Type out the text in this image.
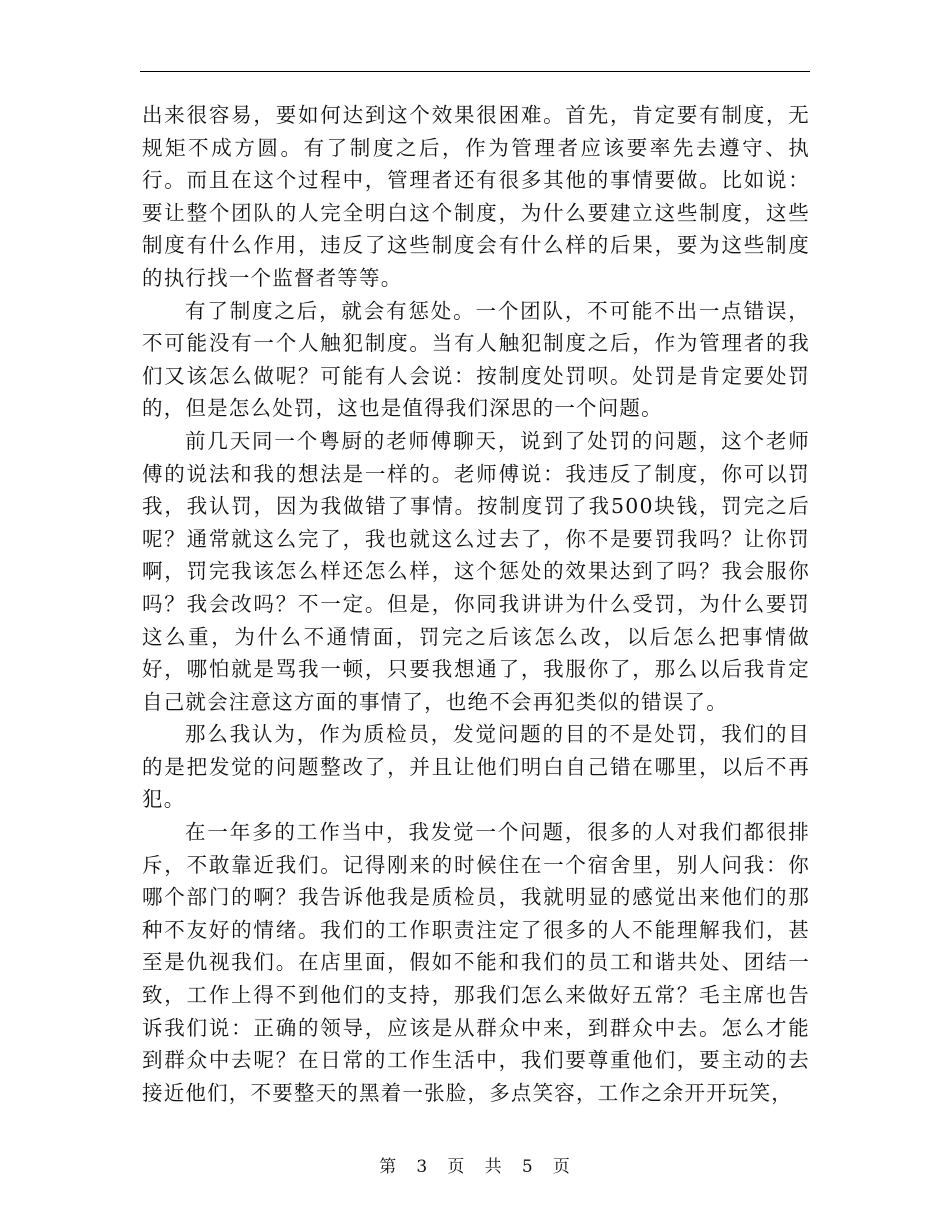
出来很容易，要如何达到这个效果很困难。首先，肯定要有制度，无规矩不成方圆。有了制度之后，作为管理者应该要率先去遵守、执行。而且在这个过程中，管理者还有很多其他的事情要做。比如说：要让整个团队的人完全明白这个制度，为什么要建立这些制度，这些制度有什么作用，违反了这些制度会有什么样的后果，要为这些制度的执行找一个监督者等等。

有了制度之后，就会有惩处。一个团队，不可能不出一点错误，不可能没有一个人触犯制度。当有人触犯制度之后，作为管理者的我们又该怎么做呢？可能有人会说：按制度处罚呗。处罚是肯定要处罚的，但是怎么处罚，这也是值得我们深思的一个问题。

前几天同一个粤厨的老师傅聊天，说到了处罚的问题，这个老师傅的说法和我的想法是一样的。老师傅说：我违反了制度，你可以罚我，我认罚，因为我做错了事情。按制度罚了我500块钱，罚完之后呢？通常就这么完了，我也就这么过去了，你不是要罚我吗？让你罚啊，罚完我该怎么样还怎么样，这个惩处的效果达到了吗？我会服你吗？我会改吗？不一定。但是，你同我讲讲为什么受罚，为什么要罚这么重，为什么不通情面，罚完之后该怎么改，以后怎么把事情做好，哪怕就是骂我一顿，只要我想通了，我服你了，那么以后我肯定自己就会注意这方面的事情了，也绝不会再犯类似的错误了。

那么我认为，作为质检员，发觉问题的目的不是处罚，我们的目的是把发觉的问题整改了，并且让他们明白自己错在哪里，以后不再犯。

在一年多的工作当中，我发觉一个问题，很多的人对我们都很排斥，不敢靠近我们。记得刚来的时候住在一个宿舍里，别人问我：你哪个部门的啊？我告诉他我是质检员，我就明显的感觉出来他们的那种不友好的情绪。我们的工作职责注定了很多的人不能理解我们，甚至是仇视我们。在店里面，假如不能和我们的员工和谐共处、团结一致，工作上得不到他们的支持，那我们怎么来做好五常？毛主席也告诉我们说：正确的领导，应该是从群众中来，到群众中去。怎么才能到群众中去呢？在日常的工作生活中，我们要尊重他们，要主动的去接近他们，不要整天的黑着一张脸，多点笑容，工作之余开开玩笑，

第 3 页 共 5 页
